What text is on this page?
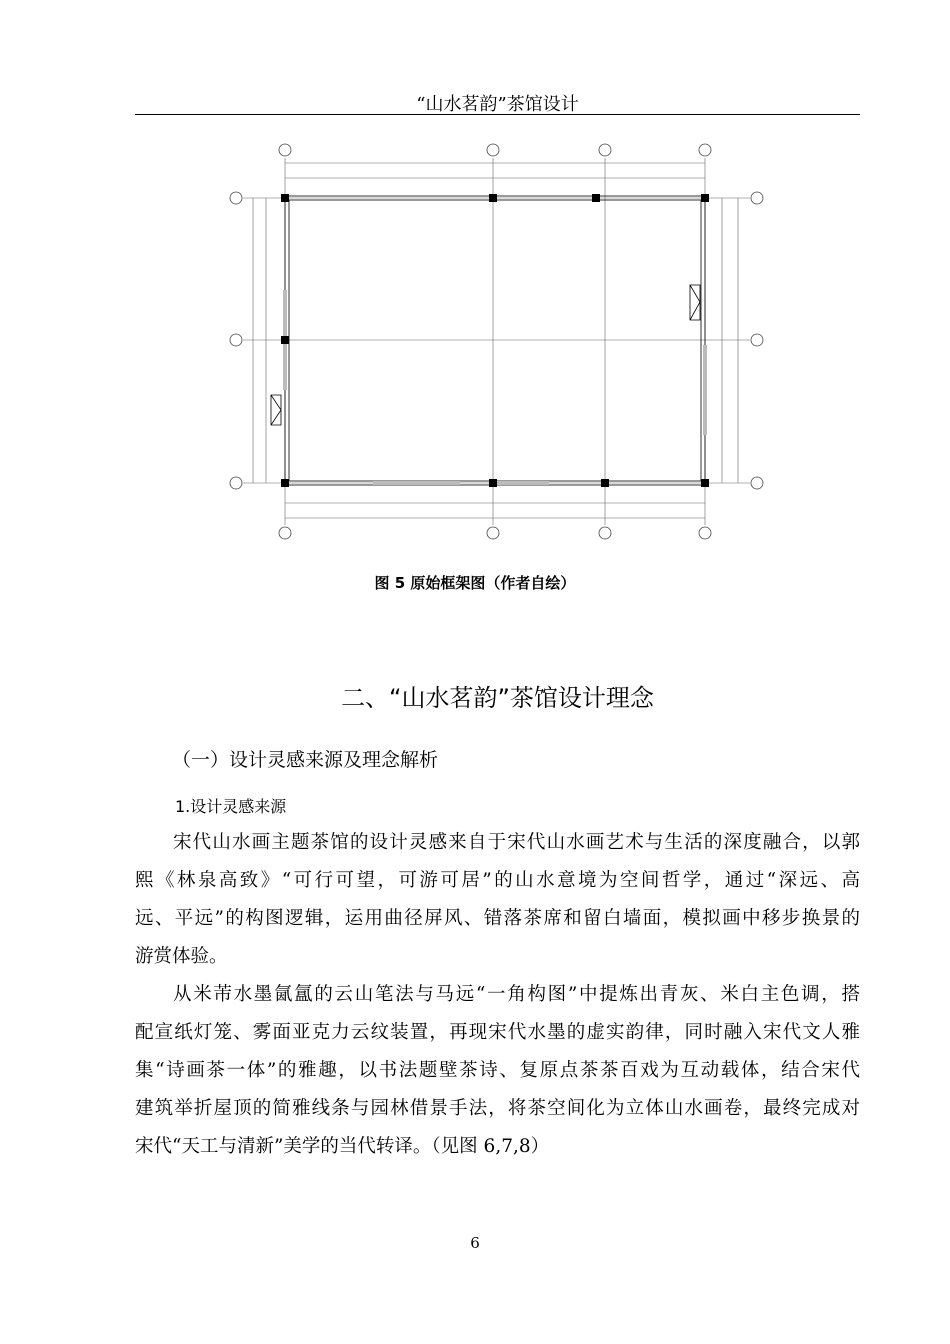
“山水茗韵”茶馆设计
图 5 原始框架图（作者自绘）
二、“山水茗韵”茶馆设计理念
（一）设计灵感来源及理念解析
1.设计灵感来源
宋代山水画主题茶馆的设计灵感来自于宋代山水画艺术与生活的深度融合，以郭
熙《林泉高致》“可行可望，可游可居”的山水意境为空间哲学，通过“深远、高
远、平远”的构图逻辑，运用曲径屏风、错落茶席和留白墙面，模拟画中移步换景的
游赏体验。
从米芾水墨氤氲的云山笔法与马远“一角构图”中提炼出青灰、米白主色调，搭
配宣纸灯笼、雾面亚克力云纹装置，再现宋代水墨的虚实韵律，同时融入宋代文人雅
集“诗画茶一体”的雅趣，以书法题壁茶诗、复原点茶茶百戏为互动载体，结合宋代
建筑举折屋顶的简雅线条与园林借景手法，将茶空间化为立体山水画卷，最终完成对
宋代“天工与清新”美学的当代转译。（见图 6,7,8）
6
